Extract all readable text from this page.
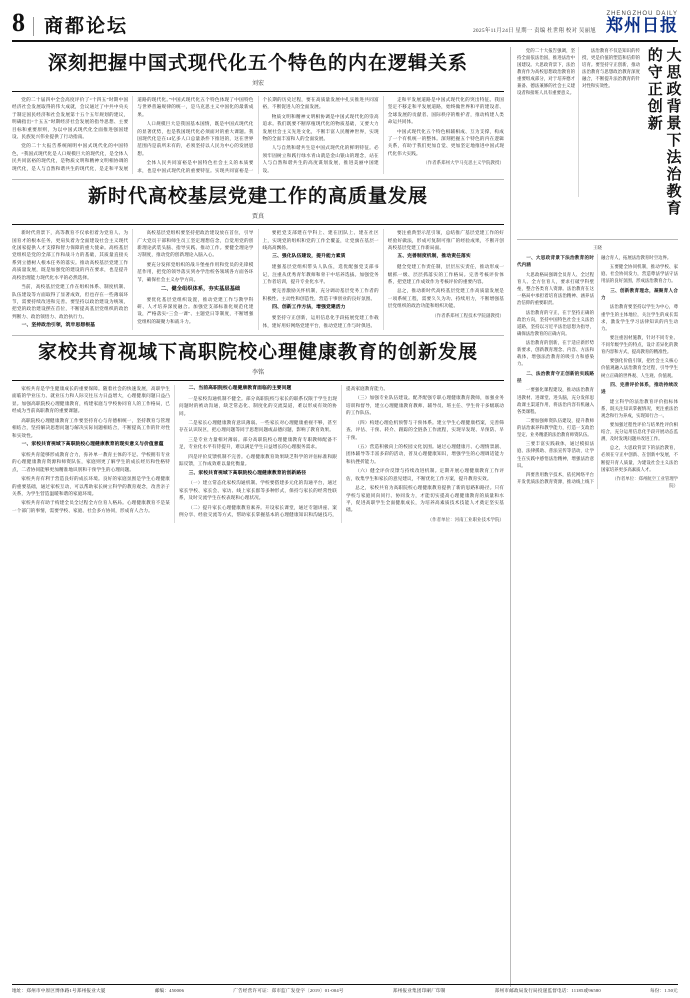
8	商都论坛	2025年11月24日 星期一 责编 杜世翔 校对 吴丽旭
ZHENGZHOU DAILY
郑州日报
深刻把握中国式现代化五个特色的内在逻辑关系
刘宏

党的二十届四中全会高度评价了“十四五”时期中国经济社会发展取得的伟大成就，会议通过了中共中央关于制定国民经济和社会发展第十五个五年规划的建议，明确指出“十五五”时期经济社会发展的指导思想、主要目标和重要原则，为以中国式现代化全面推进强国建设、民族复兴伟业提供了行动指南。

党的二十大报告系统阐明中国式现代化的中国特色，“我国式现代化是人口规模巨大的现代化，是全体人民共同富裕的现代化，是物质文明和精神文明相协调的现代化，是人与自然和谐共生的现代化，是走和平发展道路的现代化。”中国式现代化五个特色体现了中国特色与世界普遍规律的统一，是马克思主义中国化的最新成果。

人口规模巨大是我国基本国情，既是中国式现代化的显著优势，也是我国现代化必须面对的重大课题。我国现代化是在14亿多人口总量条件下推进的，这在世界范围内是前所未有的，必须坚持以人民为中心的发展思想。

全体人民共同富裕是中国特色社会主义的本质要求，也是中国式现代化的重要特征。实现共同富裕是一个长期的历史过程，要在高质量发展中扎实推进共同富裕，不断促进人的全面发展。

物质文明和精神文明相协调是中国式现代化的崇高追求。我们既要不断厚植现代化的物质基础，又要大力发展社会主义先进文化，不断丰富人民精神世界，实现物的全面丰富和人的全面发展。

人与自然和谐共生是中国式现代化的鲜明特征。必须牢固树立和践行绿水青山就是金山银山的理念，站在人与自然和谐共生的高度谋划发展，推进美丽中国建设。

走和平发展道路是中国式现代化的突出特征。我国坚定不移走和平发展道路，始终做世界和平的建设者、全球发展的贡献者、国际秩序的维护者，推动构建人类命运共同体。

中国式现代化五个特色相辅相成、互为支撑，构成了一个有机统一的整体。深刻把握五个特色的内在逻辑关系，有助于我们更加自觉、更加坚定地推进中国式现代化伟大实践。

（作者系郑州大学马克思主义学院教授）

新时代高校基层党建工作的高质量发展
贾真

新时代背景下，高等教育不仅承担着为党育人、为国育才的根本任务，更肩负着为全面建设社会主义现代化国家提供人才支撑和智力保障的重大使命。高校基层党组织是党的全部工作和战斗力的基础，其质量直接关系到立德树人根本任务的落实。推动高校基层党建工作高质量发展，既是加强党的建设的内在要求，也是提升高校治理能力现代化水平的必然选择。

当前，高校基层党建工作在组织体系、制度机制、队伍建设等方面取得了显著成效，但也存在一些薄弱环节，需要持续改进和完善。要坚持以政治建设为统领，把党的政治建设摆在首位，不断提高基层党组织的政治判断力、政治领悟力、政治执行力。

一、坚持政治引领，筑牢思想根基

高校基层党组织要坚持把政治建设放在首位，引导广大党员干部和师生员工坚定理想信念，自觉用党的创新理论武装头脑、指导实践、推动工作。要健全理论学习制度，推动党的创新理论入脑入心。

要充分发挥党组织的战斗堡垒作用和党员的先锋模范作用，把党的领导落实到办学治校各领域各方面各环节，确保社会主义办学方向。

二、健全组织体系，夯实基层基础

要优化基层党组织设置，推动党建工作与教学科研、人才培养深度融合。加强党支部标准化规范化建设，严格落实“三会一课”、主题党日等制度，不断增强党组织的凝聚力和战斗力。

要把党支部建在学科上、建在团队上、建在社区上，实现党的组织和党的工作全覆盖，让党旗在基层一线高高飘扬。

三、强化队伍建设，提升能力素质

建强基层党组织带头人队伍，选优配强党支部书记，注重从优秀青年教师和骨干中培养选拔。加强党务工作者培训，提升专业化水平。

要完善激励关怀机制，充分调动基层党务工作者的积极性、主动性和创造性，营造干事创业的良好氛围。

四、创新工作方法，增强党建活力

要坚持守正创新，运用信息化手段拓展党建工作载体，建好用好网络党建平台，推动党建工作与时俱进。

要注重典型示范引领，总结推广基层党建工作的好经验好做法，形成可复制可推广的经验成果，不断开创高校基层党建工作新局面。

五、完善制度机制，推动责任落实

健全党建工作责任制，层层压实责任，推动形成一级抓一级、层层抓落实的工作格局。完善考核评价体系，把党建工作成效作为考核评价的重要内容。

总之，推动新时代高校基层党建工作高质量发展是一项系统工程，需要久久为功、持续用力，不断增强基层党组织的政治功能和组织功能。

（作者系郑州工程技术学院副教授）

家校共育视域下高职院校心理健康教育的创新发展
李铭

家校共育是学生健康成长的重要保障。随着社会的快速发展，高职学生面临的学业压力、就业压力和人际交往压力日益增大，心理健康问题日益凸显。加强高职院校心理健康教育，构建家庭与学校协同育人的工作格局，已经成为当前高职教育的重要课题。

高职院校心理健康教育工作要坚持育心与育德相统一，坚持教育与管理相结合，坚持解决思想问题与解决实际问题相结合，不断提高工作的针对性和实效性。

一、家校共育视域下高职院校心理健康教育的现实意义与价值意蕴

家校共育能够形成教育合力，弥补单一教育主体的不足。学校拥有专业的心理健康教育资源和师资队伍，家庭则更了解学生的成长经历和性格特点，二者协同能够更加精准地识别和干预学生的心理问题。

家校共育有利于营造良好的成长环境。良好的家庭氛围是学生心理健康的重要基础，通过家校互动，可以帮助家长树立科学的教育观念，改善亲子关系，为学生营造温暖和谐的家庭环境。

家校共育有助于构建全员全过程全方位育人格局。心理健康教育不是某一个部门的事情，需要学校、家庭、社会多方协同，形成育人合力。

二、当前高职院校心理健康教育面临的主要问题

一是家校沟通机制不健全。部分高职院校与家长的联系仅限于学生出现问题时的被动沟通，缺乏常态化、制度化的交流渠道，难以形成有效的协同。

二是家长心理健康教育意识薄弱。一些家长对心理健康重视不够，甚至存在认识误区，把心理问题等同于思想问题或品德问题，影响了教育效果。

三是专业力量相对薄弱。部分高职院校心理健康教育专职教师配备不足，专业化水平有待提升，难以满足学生日益增长的心理服务需求。

四是评价反馈机制不完善。心理健康教育效果缺乏科学的评估标准和跟踪反馈，工作成效难以量化衡量。

三、家校共育视域下高职院校心理健康教育的创新路径

（一）建立常态化家校沟通机制。学校要搭建多元化的沟通平台，通过家长学校、家长会、家访、线上家长群等多种形式，保持与家长的经常性联系，及时交流学生在校表现和心理状况。

（二）提升家长心理健康教育素养。开设家长课堂，通过专题讲座、案例分享、经验交流等方式，帮助家长掌握基本的心理健康知识和沟通技巧，提高家庭教育能力。

（三）加强专业队伍建设。配齐配强专职心理健康教育教师，加强业务培训和督导，建立心理健康教育教师、辅导员、班主任、学生骨干多级联动的工作队伍。

（四）构建心理危机预警与干预体系。建立学生心理健康档案，完善筛查、评估、干预、转介、跟踪的全链条工作流程，实现早发现、早预防、早干预。

（五）营造积极向上的校园文化氛围。通过心理健康月、心理情景剧、团体辅导等丰富多彩的活动，普及心理健康知识，增强学生的心理调适能力和抗挫折能力。

（六）健全评价反馈与持续改进机制。定期开展心理健康教育工作评估，收集学生和家长的意见建议，不断优化工作方案，提升教育实效。

总之，家校共育为高职院校心理健康教育提供了新的思路和路径。只有学校与家庭同向同行、协同发力，才能切实提高心理健康教育的质量和水平，促进高职学生全面健康成长，为培养高素质技术技能人才奠定坚实基础。

（作者单位：河南工业职业技术学院）

党的二十大报告强调，坚持全面依法治国，推进法治中国建设。大思政背景下，法治教育作为高校思想政治教育的重要组成部分，对于培养德才兼备、德法兼修的社会主义建设者和接班人具有重要意义。

法治教育不仅是知识的传授，更是价值的塑造和信仰的培育。要坚持守正创新，推动法治教育与思想政治教育深度融合，不断提升法治教育的针对性和实效性。	大思政背景下法治教育的守正创新
王晓

一、大思政背景下法治教育的时代内涵

大思政格局强调全员育人、全过程育人、全方位育人，要求打破学科壁垒，整合各类育人资源。法治教育在这一格局中承担着培育法治精神、涵养法治信仰的重要职责。

法治教育的守正，在于坚持正确的政治方向，坚持中国特色社会主义法治道路，坚持以习近平法治思想为指导，确保法治教育的正确方向。

法治教育的创新，在于适应新形势新要求，创新教育理念、内容、方法和载体，增强法治教育的吸引力和感染力。

二、法治教育守正创新的实践路径

一要强化课程建设，推动法治教育进教材、进课堂、进头脑，充分发挥思政课主渠道作用，将法治内容有机融入各类课程。

二要加强师资队伍建设，提升教师的法治素养和教学能力，打造一支政治坚定、业务精湛的法治教育师资队伍。

三要丰富实践载体，通过模拟法庭、法律援助、普法宣传等活动，让学生在实践中感悟法治精神，增强法治意识。

四要善用数字技术，依托网络平台开发优质法治教育资源，推动线上线下融合育人，拓展法治教育时空边界。

五要健全协同机制，推动学校、家庭、社会协同发力，营造尊法学法守法用法的良好氛围，形成法治教育合力。

三、创新教育理念，凝聚育人合力

法治教育要坚持以学生为中心，尊重学生的主体地位，关注学生的成长需求，激发学生学习法律知识的内生动力。

要注重因材施教，针对不同专业、不同年级学生的特点，设计差异化的教育内容和方式，提高教育的精准性。

要强化价值引领，把社会主义核心价值观融入法治教育全过程，引导学生树立正确的世界观、人生观、价值观。

四、完善评价体系，推动持续改进

建立科学的法治教育评价指标体系，既关注知识掌握情况，更注重法治观念和行为养成，实现知行合一。

要加强过程性评价与结果性评价相结合，充分运用信息化手段开展动态监测，及时发现问题并改进工作。

总之，大思政背景下的法治教育，必须在守正中创新、在创新中发展，不断提升育人质量，为建设社会主义法治国家培养更多高素质人才。

（作者单位：郑州航空工业管理学院）

地址：郑州市中原区博体路1号郑州报业大厦	邮编：450006	广告经营许可证：郑市监广发登字〔2019〕01-004号	郑州报业集团印刷厂印制	郑州市邮政局发行局投递监督电话：11185或96580	每份：1.50元
